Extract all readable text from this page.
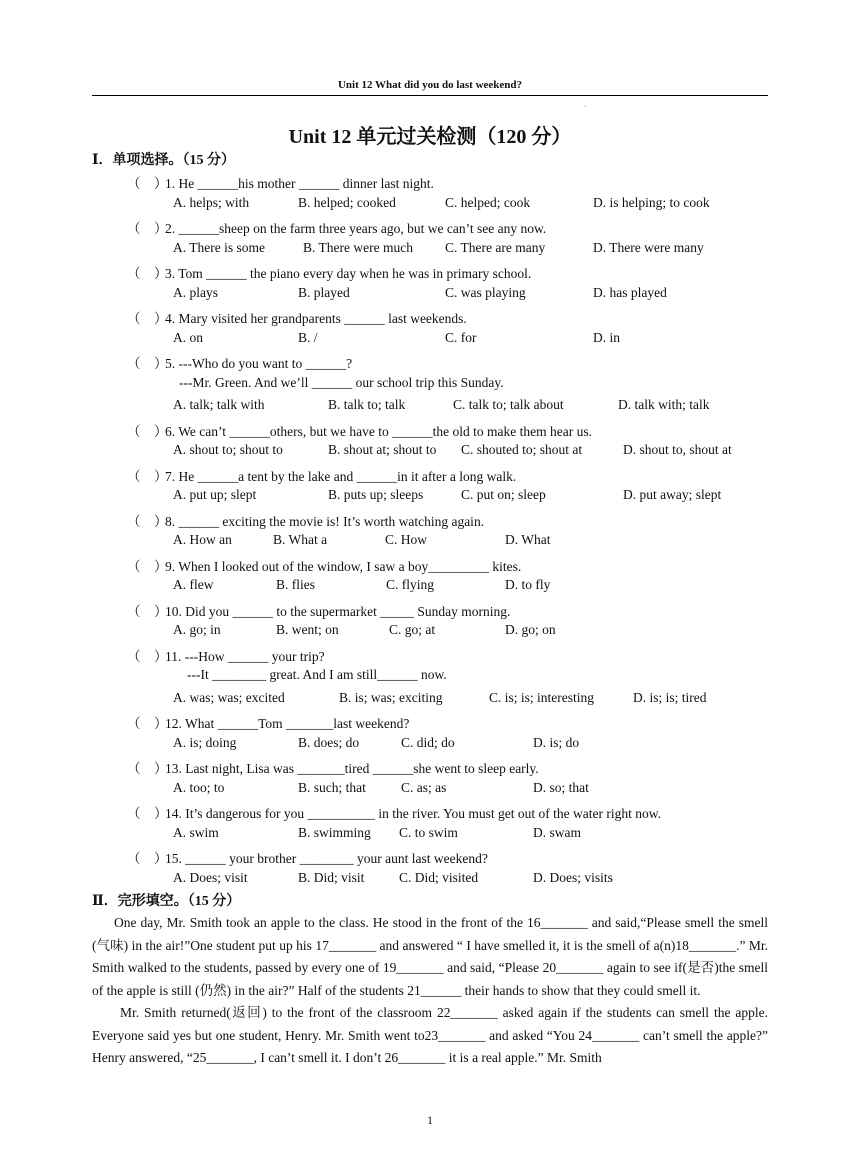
Unit 12 What did you do last weekend?
·
Unit 12 单元过关检测（120 分）
Ⅰ．单项选择。（15 分）
（    ）1. He ______his mother ______ dinner last night.
A. helps; with	B. helped; cooked	C. helped; cook	D. is helping; to cook
（    ）2. ______sheep on the farm three years ago, but we can’t see any now.
A. There is some	B. There were much C. There are many	D. There were many
（    ）3. Tom ______ the piano every day when he was in primary school.
A. plays	B. played	C. was playing	D. has played
（    ）4. Mary visited her grandparents ______ last weekends.
A. on	B. /	C. for	D. in
（    ）5. ---Who do you want to ______?
---Mr. Green. And we’ll ______ our school trip this Sunday.
A. talk; talk with	B. talk to; talk	C. talk to; talk about	D. talk with; talk
（    ）6. We can’t ______others, but we have to ______the old to make them hear us.
A. shout to; shout to	B. shout at; shout to C. shouted to; shout at	D. shout to, shout at
（    ）7. He ______a tent by the lake and ______in it after a long walk.
A. put up; slept	B. puts up; sleeps	C. put on; sleep	D. put away; slept
（    ）8. ______ exciting the movie is! It’s worth watching again.
A. How an	B. What a	C. How	D. What
（    ）9. When I looked out of the window, I saw a boy_________ kites.
A. flew	B. flies	C. flying	D. to fly
（    ）10. Did you ______ to the supermarket _____ Sunday morning.
A. go; in	B. went; on	C. go; at	D. go; on
（    ）11. ---How ______ your trip?
---It ________ great. And I am still______ now.
A. was; was; excited	B. is; was; exciting	C. is; is; interesting	D. is; is; tired
（    ）12. What ______Tom _______last weekend?
A. is; doing	B. does; do	C. did; do	D. is; do
（    ）13. Last night, Lisa was _______tired ______she went to sleep early.
A. too; to	B. such; that	C. as; as	D. so; that
（    ）14. It’s dangerous for you __________ in the river. You must get out of the water right now.
A. swim	B. swimming C. to swim	D. swam
（    ）15. ______ your brother ________ your aunt last weekend?
A. Does; visit	B. Did; visit	C. Did; visited	D. Does; visits
Ⅱ．完形填空。（15 分）

One day, Mr. Smith took an apple to the class. He stood in the front of the 16_______ and said,“Please smell the smell (气味) in the air!”One student put up his 17_______ and answered “ I have smelled it, it is the smell of a(n)18_______.” Mr. Smith walked to the students, passed by every one of 19_______ and said, “Please 20_______ again to see if(是否)the smell of the apple is still (仍然) in the air?” Half of the students 21______ their hands to show that they could smell it.

Mr. Smith returned(返回) to the front of the classroom 22_______ asked again if the students can smell the apple. Everyone said yes but one student, Henry. Mr. Smith went to23_______ and asked “You 24_______ can’t smell the apple?” Henry answered, “25_______, I can’t smell it. I don’t 26_______ it is a real apple.” Mr. Smith

1
